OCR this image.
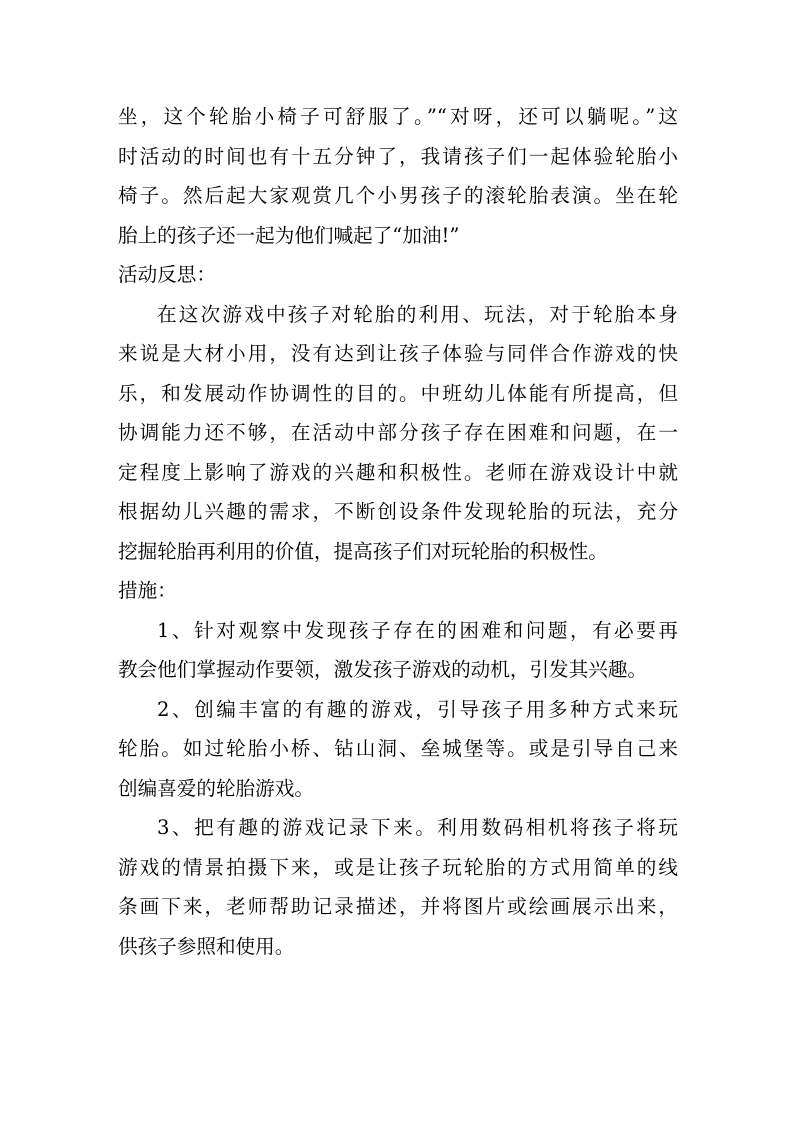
坐，这个轮胎小椅子可舒服了。”“对呀，还可以躺呢。”这
时活动的时间也有十五分钟了，我请孩子们一起体验轮胎小
椅子。然后起大家观赏几个小男孩子的滚轮胎表演。坐在轮
胎上的孩子还一起为他们喊起了“加油!”
活动反思：
在这次游戏中孩子对轮胎的利用、玩法，对于轮胎本身
来说是大材小用，没有达到让孩子体验与同伴合作游戏的快
乐，和发展动作协调性的目的。中班幼儿体能有所提高，但
协调能力还不够，在活动中部分孩子存在困难和问题，在一
定程度上影响了游戏的兴趣和积极性。老师在游戏设计中就
根据幼儿兴趣的需求，不断创设条件发现轮胎的玩法，充分
挖掘轮胎再利用的价值，提高孩子们对玩轮胎的积极性。
措施：
1、针对观察中发现孩子存在的困难和问题，有必要再
教会他们掌握动作要领，激发孩子游戏的动机，引发其兴趣。
2、创编丰富的有趣的游戏，引导孩子用多种方式来玩
轮胎。如过轮胎小桥、钻山洞、垒城堡等。或是引导自己来
创编喜爱的轮胎游戏。
3、把有趣的游戏记录下来。利用数码相机将孩子将玩
游戏的情景拍摄下来，或是让孩子玩轮胎的方式用简单的线
条画下来，老师帮助记录描述，并将图片或绘画展示出来，
供孩子参照和使用。
